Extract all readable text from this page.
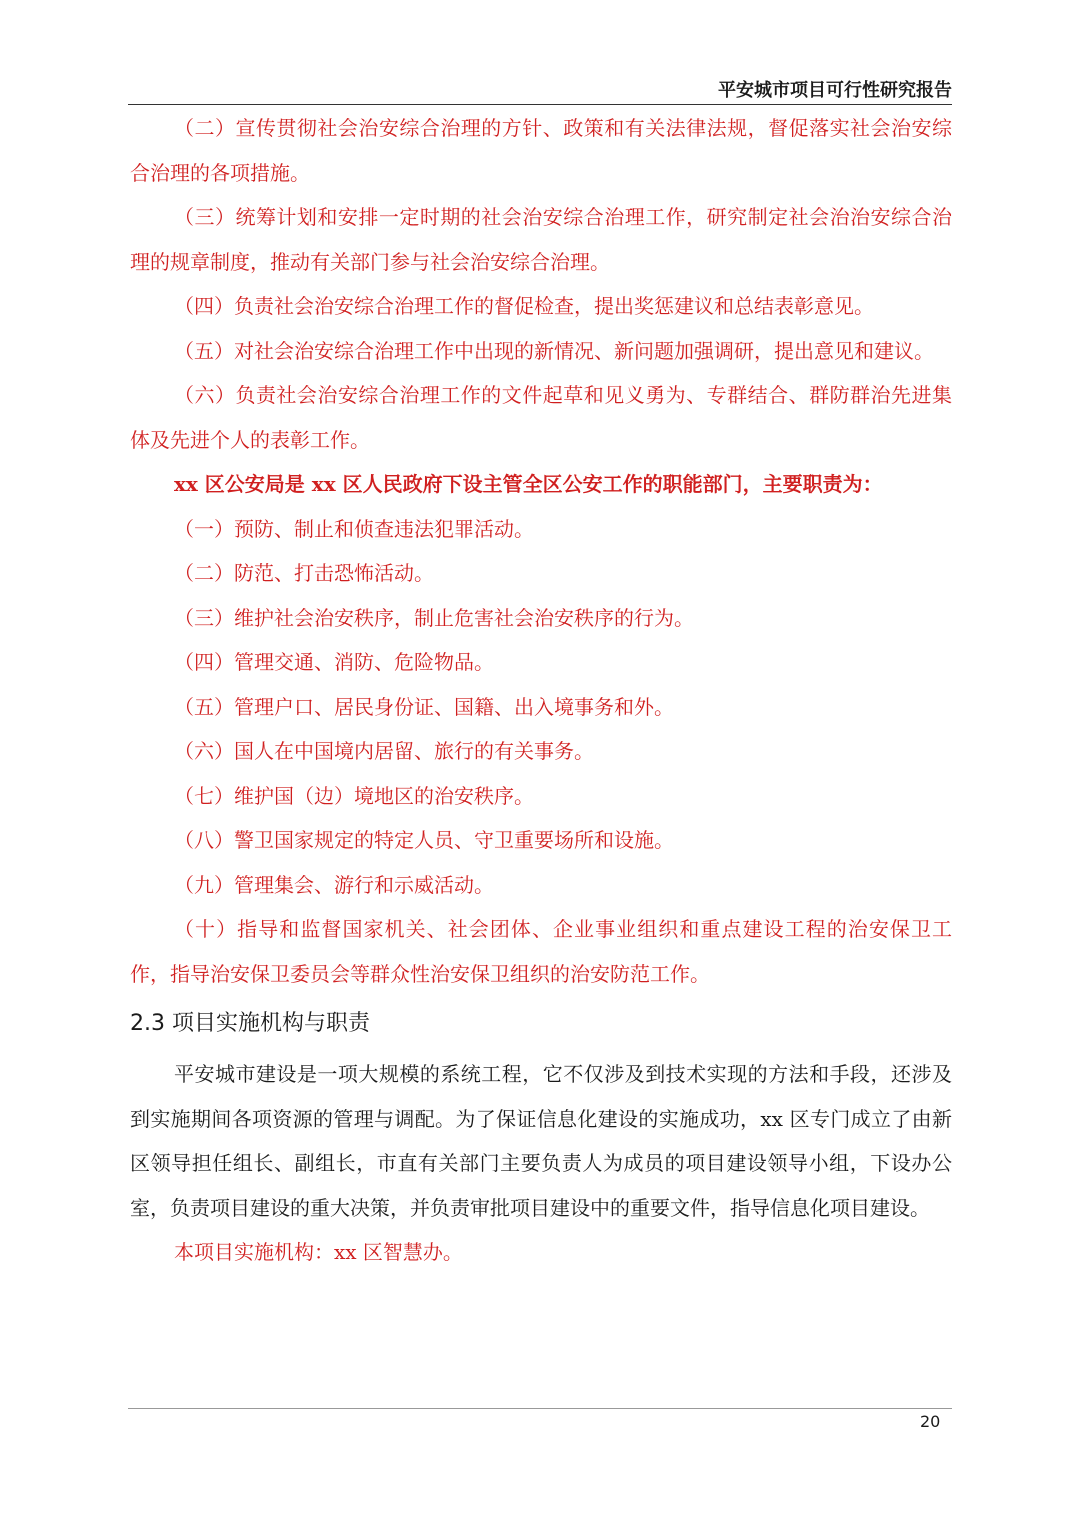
平安城市项目可行性研究报告

（二）宣传贯彻社会治安综合治理的方针、政策和有关法律法规，督促落实社会治安综合治理的各项措施。

（三）统筹计划和安排一定时期的社会治安综合治理工作，研究制定社会治治安综合治理的规章制度，推动有关部门参与社会治安综合治理。

（四）负责社会治安综合治理工作的督促检查，提出奖惩建议和总结表彰意见。

（五）对社会治安综合治理工作中出现的新情况、新问题加强调研，提出意见和建议。

（六）负责社会治安综合治理工作的文件起草和见义勇为、专群结合、群防群治先进集体及先进个人的表彰工作。

xx 区公安局是 xx 区人民政府下设主管全区公安工作的职能部门，主要职责为：

（一）预防、制止和侦查违法犯罪活动。

（二）防范、打击恐怖活动。

（三）维护社会治安秩序，制止危害社会治安秩序的行为。

（四）管理交通、消防、危险物品。

（五）管理户口、居民身份证、国籍、出入境事务和外。

（六）国人在中国境内居留、旅行的有关事务。

（七）维护国（边）境地区的治安秩序。

（八）警卫国家规定的特定人员、守卫重要场所和设施。

（九）管理集会、游行和示威活动。

（十）指导和监督国家机关、社会团体、企业事业组织和重点建设工程的治安保卫工作，指导治安保卫委员会等群众性治安保卫组织的治安防范工作。

2.3 项目实施机构与职责

平安城市建设是一项大规模的系统工程，它不仅涉及到技术实现的方法和手段，还涉及到实施期间各项资源的管理与调配。为了保证信息化建设的实施成功，xx 区专门成立了由新区领导担任组长、副组长，市直有关部门主要负责人为成员的项目建设领导小组，下设办公室，负责项目建设的重大决策，并负责审批项目建设中的重要文件，指导信息化项目建设。

本项目实施机构：xx 区智慧办。

20
